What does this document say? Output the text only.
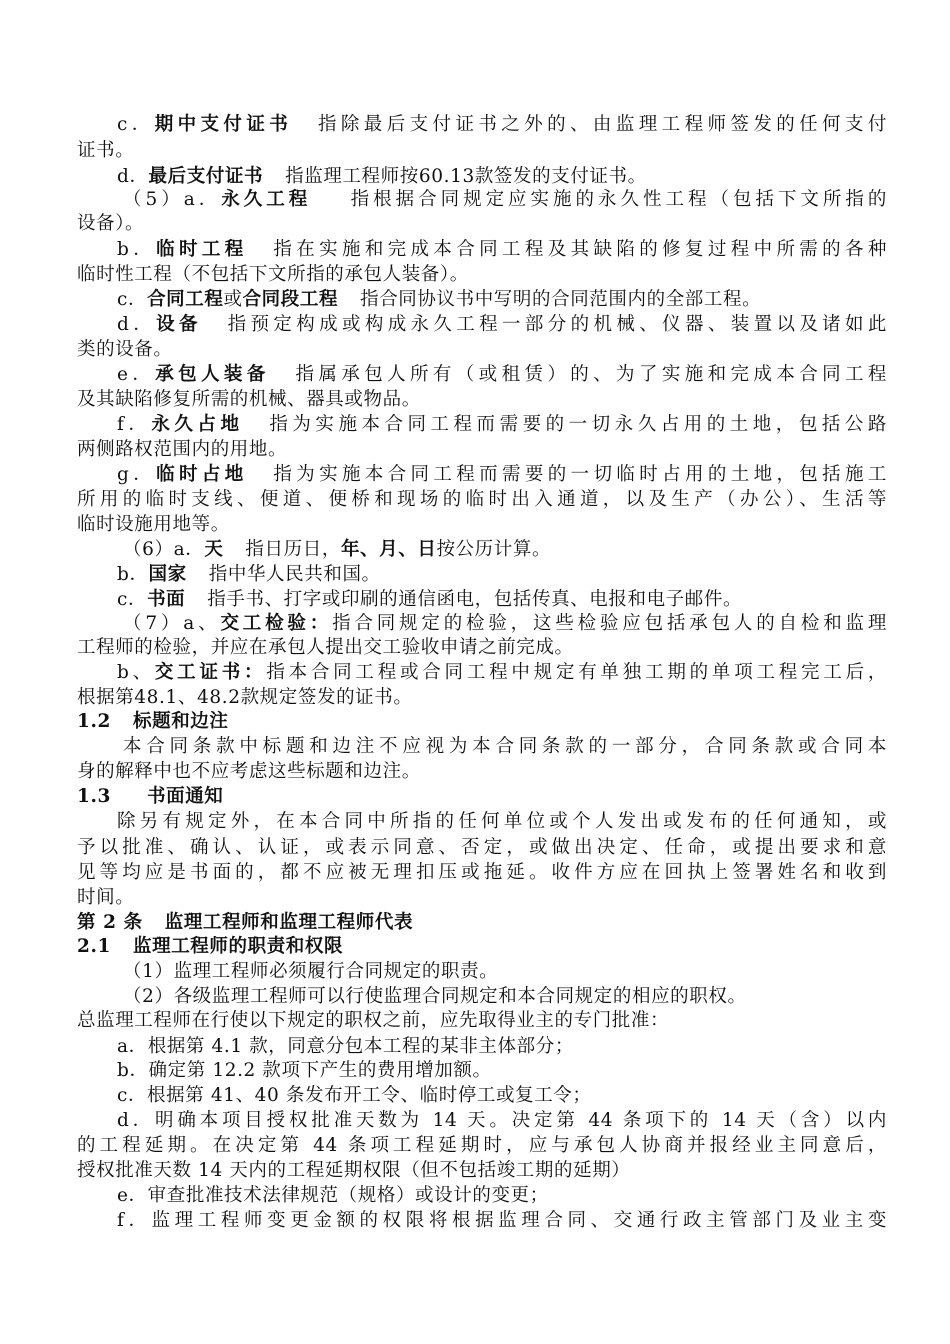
c．期中支付证书 指除最后支付证书之外的、由监理工程师签发的任何支付
证书。
d．最后支付证书 指监理工程师按60.13款签发的支付证书。
（5）a．永久工程 指根据合同规定应实施的永久性工程（包括下文所指的
设备）。
b．临时工程 指在实施和完成本合同工程及其缺陷的修复过程中所需的各种
临时性工程（不包括下文所指的承包人装备）。
c．合同工程或合同段工程 指合同协议书中写明的合同范围内的全部工程。
d．设备 指预定构成或构成永久工程一部分的机械、仪器、装置以及诸如此
类的设备。
e．承包人装备 指属承包人所有（或租赁）的、为了实施和完成本合同工程
及其缺陷修复所需的机械、器具或物品。
f．永久占地 指为实施本合同工程而需要的一切永久占用的土地，包括公路
两侧路权范围内的用地。
g．临时占地 指为实施本合同工程而需要的一切临时占用的土地，包括施工
所用的临时支线、便道、便桥和现场的临时出入通道，以及生产（办公）、生活等
临时设施用地等。
（6）a．天 指日历日，年、月、日按公历计算。
b．国家 指中华人民共和国。
c．书面 指手书、打字或印刷的通信函电，包括传真、电报和电子邮件。
（7）a、交工检验：指合同规定的检验，这些检验应包括承包人的自检和监理
工程师的检验，并应在承包人提出交工验收申请之前完成。
b、交工证书：指本合同工程或合同工程中规定有单独工期的单项工程完工后，
根据第48.1、48.2款规定签发的证书。
1.2 标题和边注
本合同条款中标题和边注不应视为本合同条款的一部分，合同条款或合同本
身的解释中也不应考虑这些标题和边注。
1.3 书面通知
除另有规定外，在本合同中所指的任何单位或个人发出或发布的任何通知，或
予以批准、确认、认证，或表示同意、否定，或做出决定、任命，或提出要求和意
见等均应是书面的，都不应被无理扣压或拖延。收件方应在回执上签署姓名和收到
时间。
第 2 条 监理工程师和监理工程师代表
2.1 监理工程师的职责和权限
（1）监理工程师必须履行合同规定的职责。
（2）各级监理工程师可以行使监理合同规定和本合同规定的相应的职权。
总监理工程师在行使以下规定的职权之前，应先取得业主的专门批准：
a．根据第 4.1 款，同意分包本工程的某非主体部分；
b．确定第 12.2 款项下产生的费用增加额。
c．根据第 41、40 条发布开工令、临时停工或复工令；
d．明确本项目授权批准天数为 14 天。决定第 44 条项下的 14 天（含）以内
的工程延期。在决定第 44 条项工程延期时，应与承包人协商并报经业主同意后，
授权批准天数 14 天内的工程延期权限（但不包括竣工期的延期）
e．审查批准技术法律规范（规格）或设计的变更；
f．监理工程师变更金额的权限将根据监理合同、交通行政主管部门及业主变
